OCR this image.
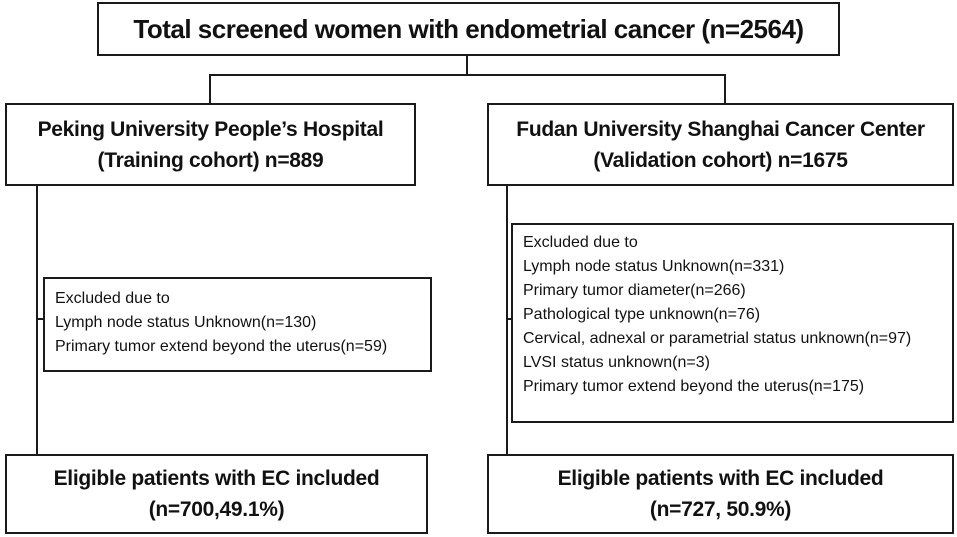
Total screened women with endometrial cancer (n=2564)
Peking University People’s Hospital
(Training cohort) n=889
Fudan University Shanghai Cancer Center
(Validation cohort) n=1675
Excluded due to
Lymph node status Unknown(n=130)
Primary tumor extend beyond the uterus(n=59)
Excluded due to
Lymph node status Unknown(n=331)
Primary tumor diameter(n=266)
Pathological type unknown(n=76)
Cervical, adnexal or parametrial status unknown(n=97)
LVSI status unknown(n=3)
Primary tumor extend beyond the uterus(n=175)
Eligible patients with EC included
(n=700,49.1%)
Eligible patients with EC included
(n=727, 50.9%)
